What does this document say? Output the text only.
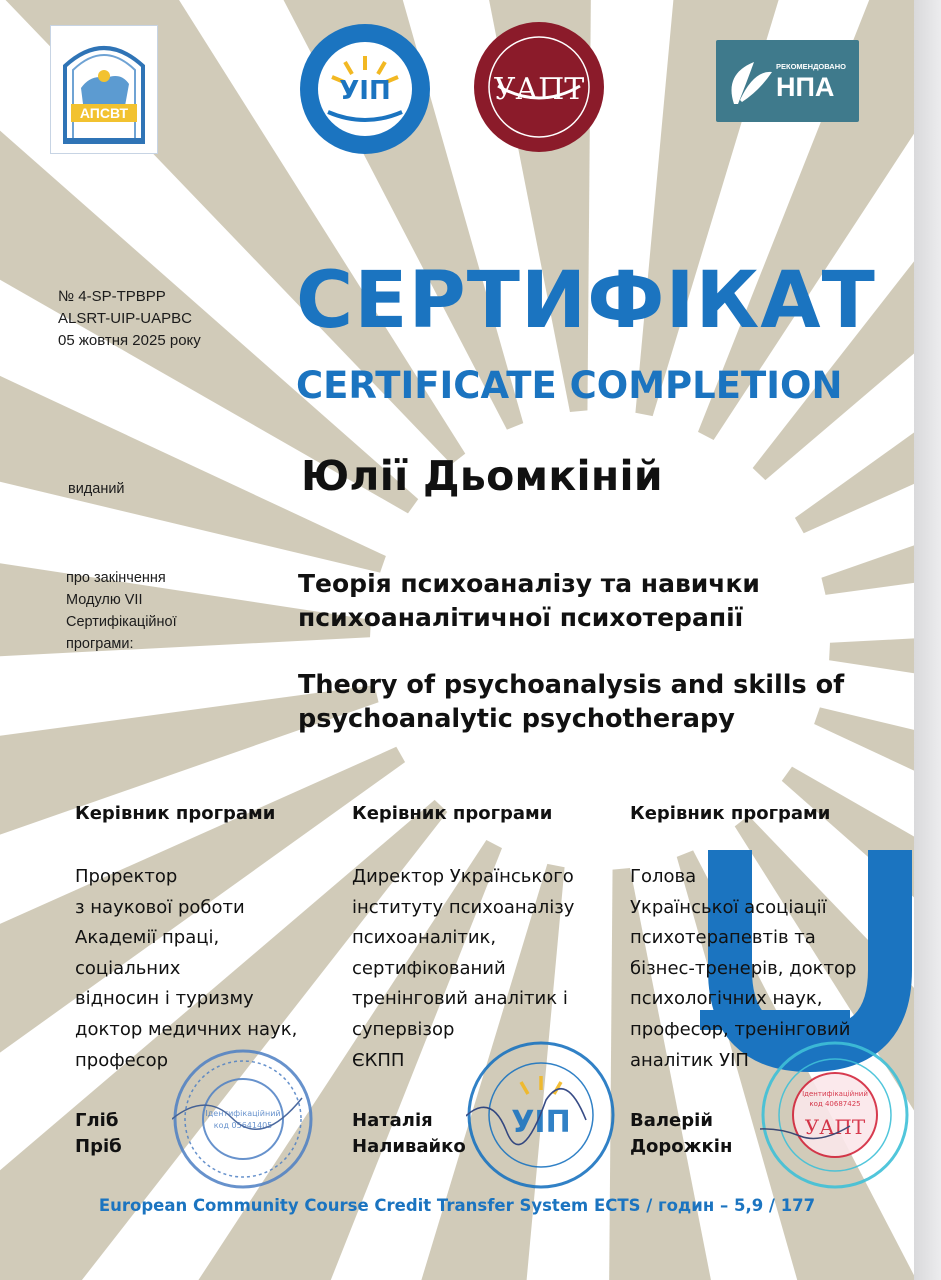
АПСВТ
УІП	УАПТ
РЕКОМЕНДОВАНО
НПА
№ 4-SP-TPBPP
ALSRT-UIP-UAPBC
05 жовтня 2025 року СЕРТИФІКАТ
CERTIFICATE COMPLETION
виданий	Юлії Дьомкіній
про закінчення
Модулю VII
Сертифікаційної
програми:
Теорія психоаналізу та навички
психоаналітичної психотерапії
Theory of psychoanalysis and skills of
psychoanalytic psychotherapy
Керівник програми
Проректор
з наукової роботи
Академії праці,
соціальних
відносин і туризму
доктор медичних наук,
професор
Керівник програми
Директор Українського
інституту психоаналізу
психоаналітик,
сертифікований
тренінговий аналітик і
супервізор
ЄКПП
Керівник програми
Голова
Української асоціації
психотерапевтів та
бізнес-тренерів, доктор
психологічних наук,
професор, тренінговий
аналітик УІП
Ідентифікаційний
код 05641405	УІП
Ідентифікаційний
код 40687425
УАПТ
Гліб
Пріб
Наталія
Наливайко
Валерій
Дорожкін
European Community Course Credit Transfer System ECTS / годин – 5,9 / 177
